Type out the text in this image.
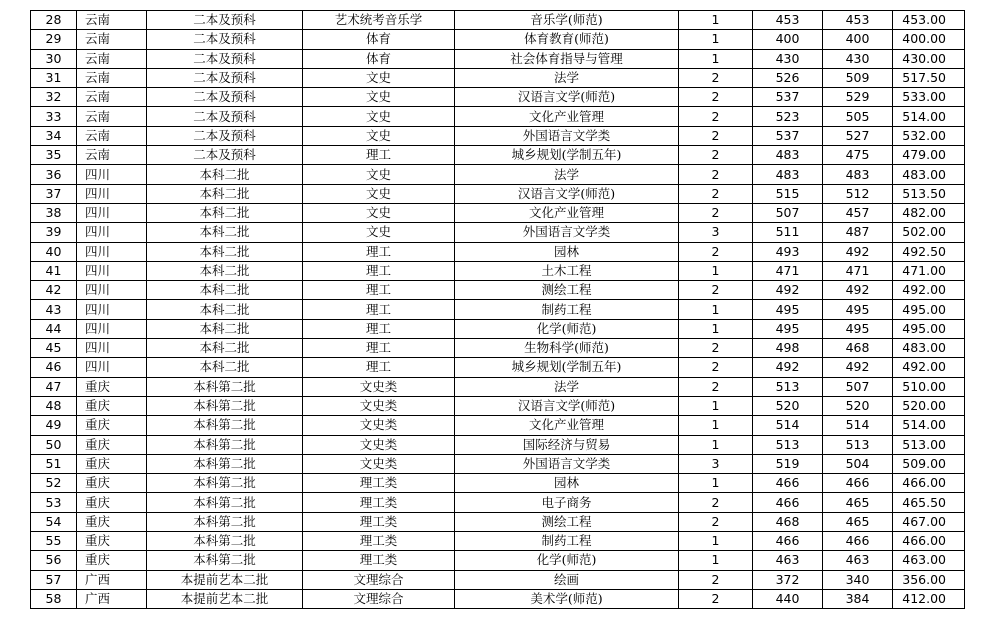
28	云南	二本及预科	艺术统考音乐学	音乐学(师范)	1	453	453	453.00
29	云南	二本及预科	体育	体育教育(师范)	1	400	400	400.00
30	云南	二本及预科	体育	社会体育指导与管理	1	430	430	430.00
31	云南	二本及预科	文史	法学	2	526	509	517.50
32	云南	二本及预科	文史	汉语言文学(师范)	2	537	529	533.00
33	云南	二本及预科	文史	文化产业管理	2	523	505	514.00
34	云南	二本及预科	文史	外国语言文学类	2	537	527	532.00
35	云南	二本及预科	理工	城乡规划(学制五年)	2	483	475	479.00
36	四川	本科二批	文史	法学	2	483	483	483.00
37	四川	本科二批	文史	汉语言文学(师范)	2	515	512	513.50
38	四川	本科二批	文史	文化产业管理	2	507	457	482.00
39	四川	本科二批	文史	外国语言文学类	3	511	487	502.00
40	四川	本科二批	理工	园林	2	493	492	492.50
41	四川	本科二批	理工	土木工程	1	471	471	471.00
42	四川	本科二批	理工	测绘工程	2	492	492	492.00
43	四川	本科二批	理工	制药工程	1	495	495	495.00
44	四川	本科二批	理工	化学(师范)	1	495	495	495.00
45	四川	本科二批	理工	生物科学(师范)	2	498	468	483.00
46	四川	本科二批	理工	城乡规划(学制五年)	2	492	492	492.00
47	重庆	本科第二批	文史类	法学	2	513	507	510.00
48	重庆	本科第二批	文史类	汉语言文学(师范)	1	520	520	520.00
49	重庆	本科第二批	文史类	文化产业管理	1	514	514	514.00
50	重庆	本科第二批	文史类	国际经济与贸易	1	513	513	513.00
51	重庆	本科第二批	文史类	外国语言文学类	3	519	504	509.00
52	重庆	本科第二批	理工类	园林	1	466	466	466.00
53	重庆	本科第二批	理工类	电子商务	2	466	465	465.50
54	重庆	本科第二批	理工类	测绘工程	2	468	465	467.00
55	重庆	本科第二批	理工类	制药工程	1	466	466	466.00
56	重庆	本科第二批	理工类	化学(师范)	1	463	463	463.00
57	广西	本提前艺本二批	文理综合	绘画	2	372	340	356.00
58	广西	本提前艺本二批	文理综合	美术学(师范)	2	440	384	412.00
